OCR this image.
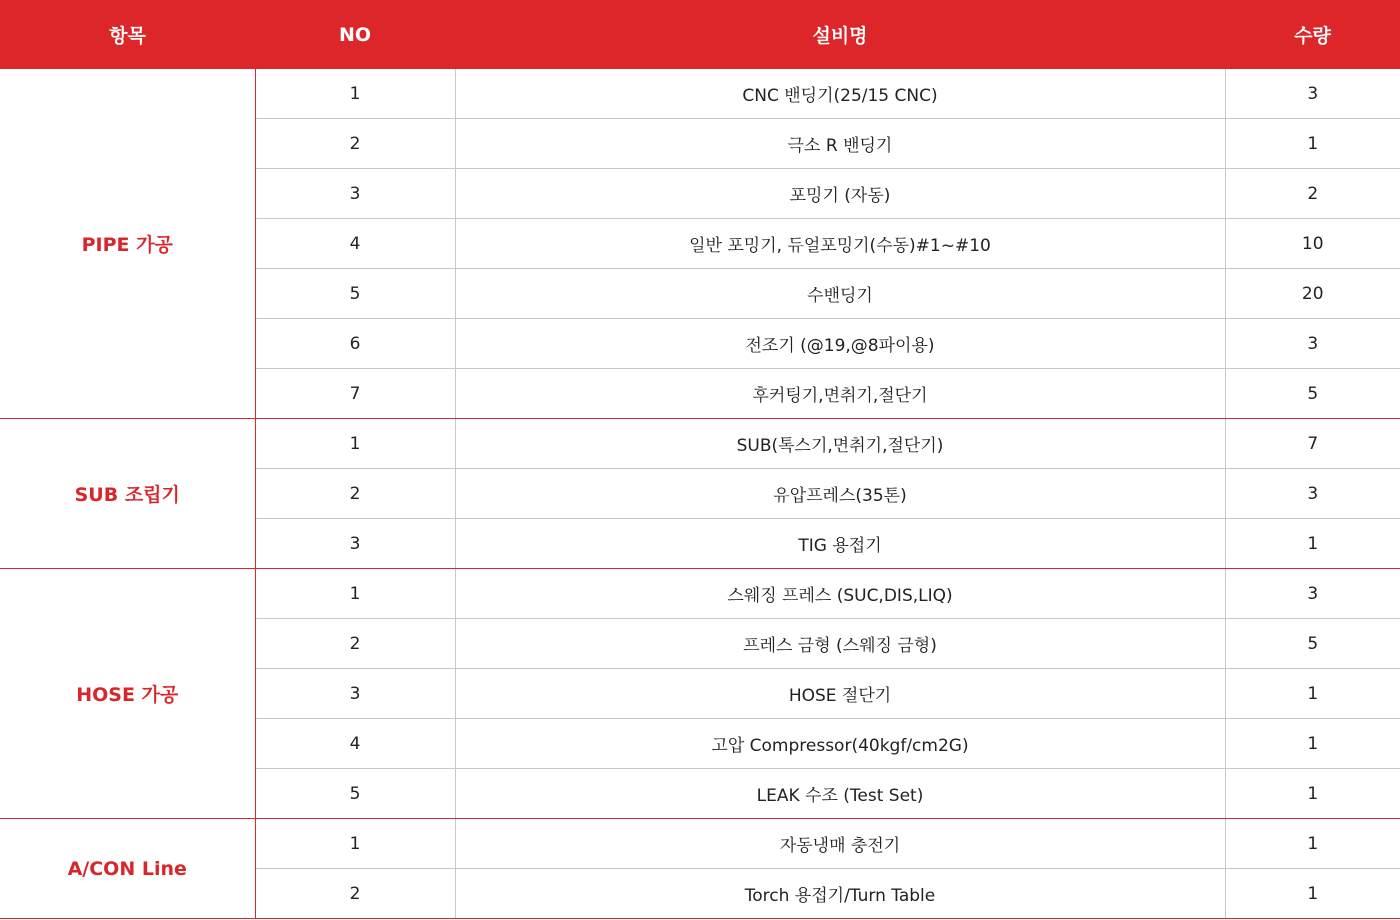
항목	NO	설비명	수량
PIPE 가공	1	CNC 밴딩기(25/15 CNC)	3
	2	극소 R 밴딩기	1
	3	포밍기 (자동)	2
	4	일반 포밍기, 듀얼포밍기(수동)#1~#10	10
	5	수밴딩기	20
	6	전조기 (@19,@8파이용)	3
	7	후커팅기,면취기,절단기	5
SUB 조립기	1	SUB(톡스기,면취기,절단기)	7
	2	유압프레스(35톤)	3
	3	TIG 용접기	1
HOSE 가공	1	스웨징 프레스 (SUC,DIS,LIQ)	3
	2	프레스 금형 (스웨징 금형)	5
	3	HOSE 절단기	1
	4	고압 Compressor(40kgf/cm2G)	1
	5	LEAK 수조 (Test Set)	1
A/CON Line	1	자동냉매 충전기	1
	2	Torch 용접기/Turn Table	1
